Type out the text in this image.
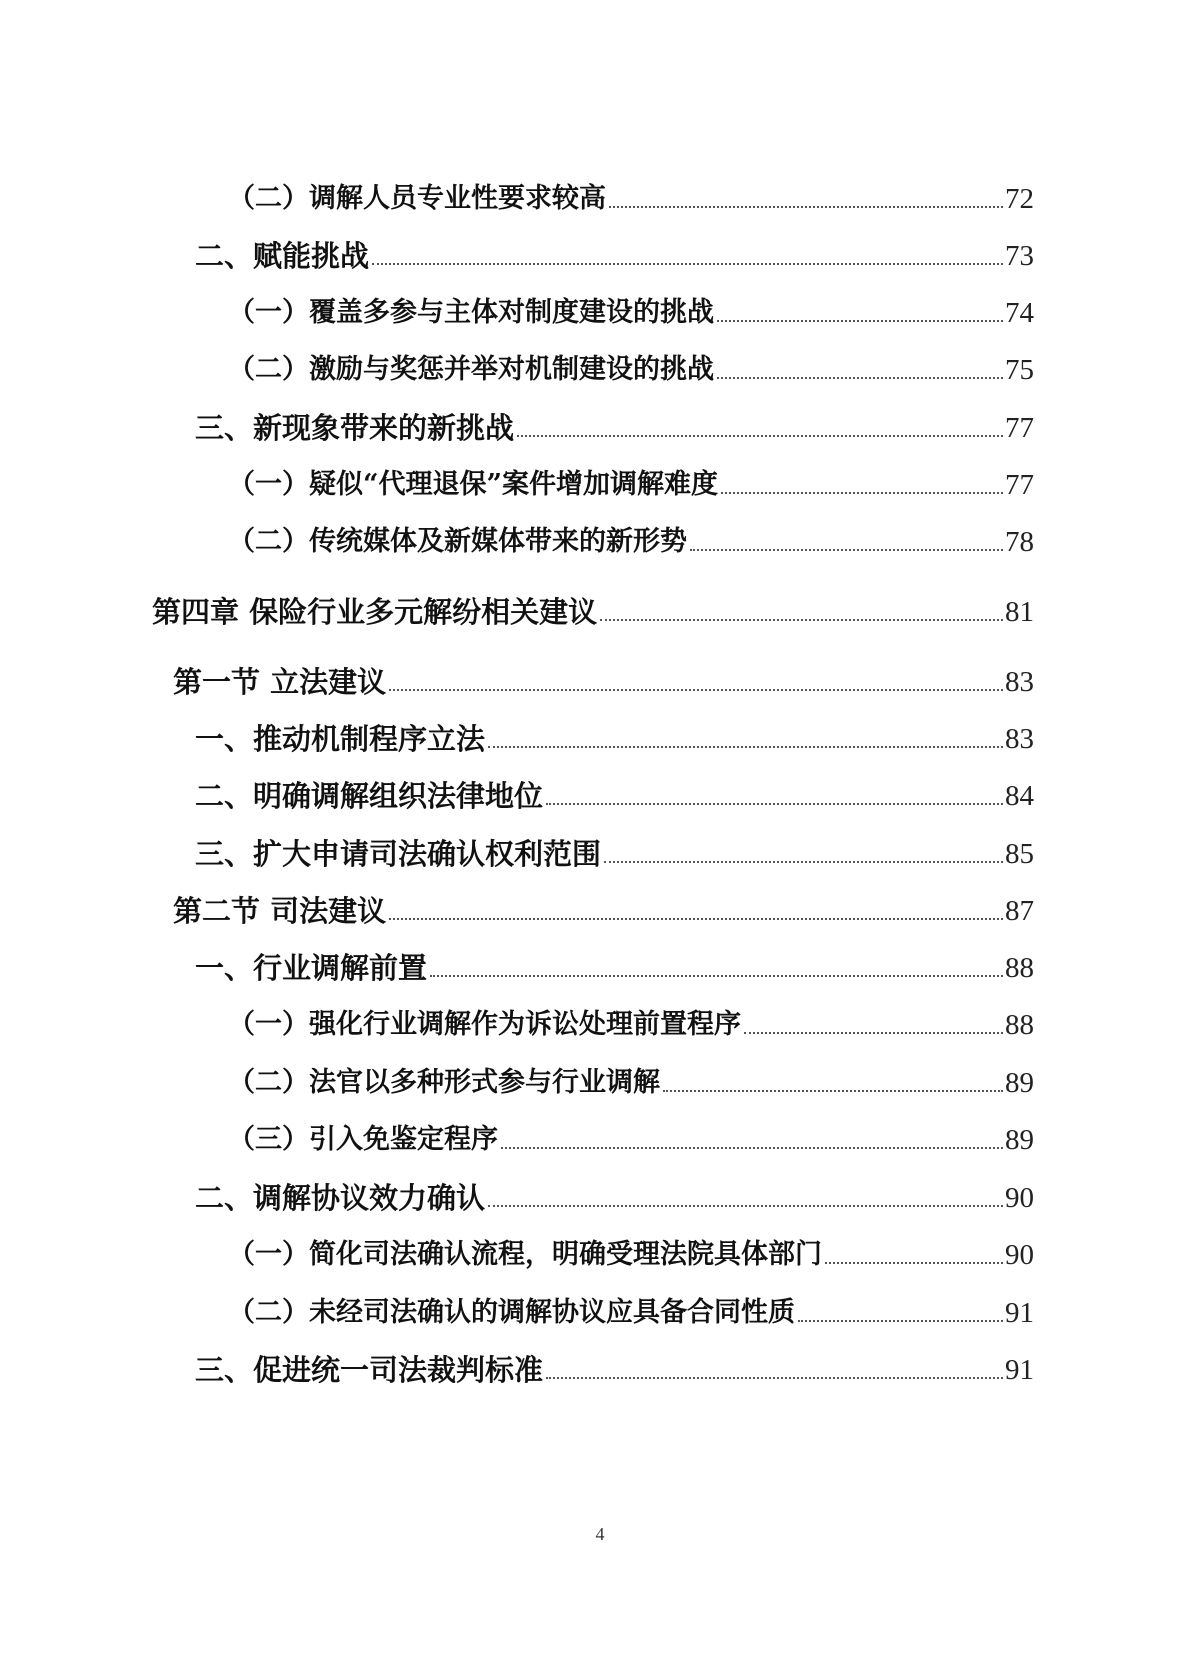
（二）调解人员专业性要求较高	72
二、赋能挑战	73
（一）覆盖多参与主体对制度建设的挑战	74
（二）激励与奖惩并举对机制建设的挑战	75
三、新现象带来的新挑战	77
（一）疑似“代理退保”案件增加调解难度	77
（二）传统媒体及新媒体带来的新形势	78
第四章 保险行业多元解纷相关建议	81
第一节 立法建议	83
一、推动机制程序立法	83
二、明确调解组织法律地位	84
三、扩大申请司法确认权利范围	85
第二节 司法建议	87
一、行业调解前置	88
（一）强化行业调解作为诉讼处理前置程序	88
（二）法官以多种形式参与行业调解	89
（三）引入免鉴定程序	89
二、调解协议效力确认	90
（一）简化司法确认流程，明确受理法院具体部门	90
（二）未经司法确认的调解协议应具备合同性质	91
三、促进统一司法裁判标准	91
4
